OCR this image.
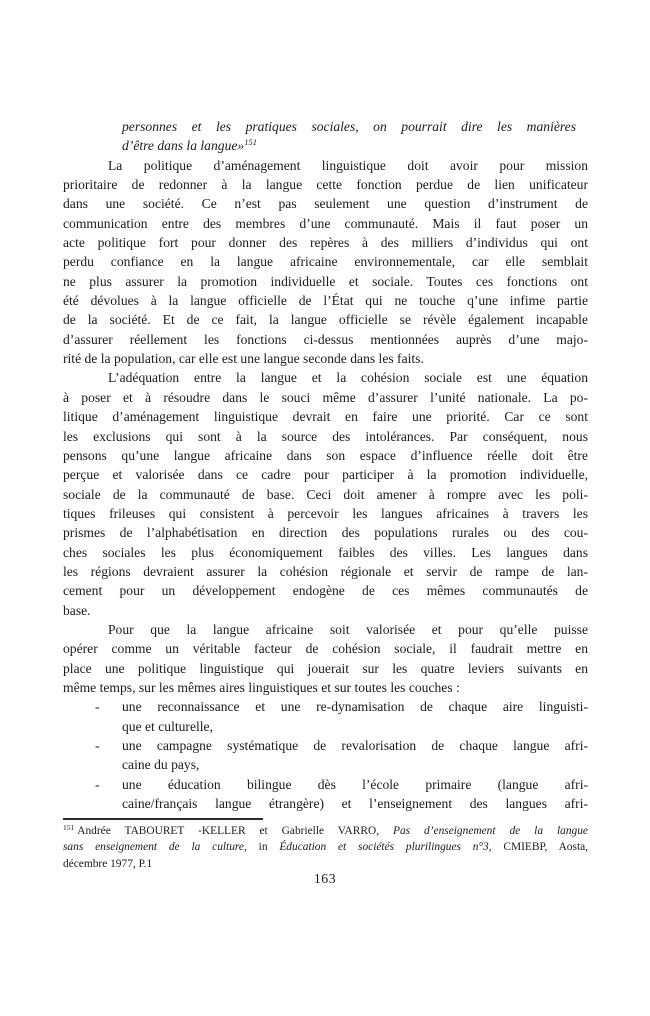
personnes et les pratiques sociales, on pourrait dire les manières
d’être dans la langue»$^{151}$
La politique d’aménagement linguistique doit avoir pour mission
prioritaire de redonner à la langue cette fonction perdue de lien unificateur
dans une société. Ce n’est pas seulement une question d’instrument de
communication entre des membres d’une communauté. Mais il faut poser un
acte politique fort pour donner des repères à des milliers d’individus qui ont
perdu confiance en la langue africaine environnementale, car elle semblait
ne plus assurer la promotion individuelle et sociale. Toutes ces fonctions ont
été dévolues à la langue officielle de l’État qui ne touche q’une infime partie
de la société. Et de ce fait, la langue officielle se révèle également incapable
d’assurer réellement les fonctions ci-dessus mentionnées auprès d’une majo-
rité de la population, car elle est une langue seconde dans les faits.
L’adéquation entre la langue et la cohésion sociale est une équation
à poser et à résoudre dans le souci même d’assurer l’unité nationale. La po-
litique d’aménagement linguistique devrait en faire une priorité. Car ce sont
les exclusions qui sont à la source des intolérances. Par conséquent, nous
pensons qu’une langue africaine dans son espace d’influence réelle doit être
perçue et valorisée dans ce cadre pour participer à la promotion individuelle,
sociale de la communauté de base. Ceci doit amener à rompre avec les poli-
tiques frileuses qui consistent à percevoir les langues africaines à travers les
prismes de l’alphabétisation en direction des populations rurales ou des cou-
ches sociales les plus économiquement faibles des villes. Les langues dans
les régions devraient assurer la cohésion régionale et servir de rampe de lan-
cement pour un développement endogène de ces mêmes communautés de
base.
Pour que la langue africaine soit valorisée et pour qu’elle puisse
opérer comme un véritable facteur de cohésion sociale, il faudrait mettre en
place une politique linguistique qui jouerait sur les quatre leviers suivants en
même temps, sur les mêmes aires linguistiques et sur toutes les couches :
- une reconnaissance et une re-dynamisation de chaque aire linguisti-
que et culturelle,
- une campagne systématique de revalorisation de chaque langue afri-
caine du pays,
- une éducation bilingue dès l’école primaire (langue afri-
caine/français langue étrangère) et l’enseignement des langues afri-
$^{151}$ Andrée TABOURET -KELLER et Gabrielle VARRO, Pas d’enseignement de la langue
sans enseignement de la culture, in Éducation et sociétés plurilingues n°3, CMIEBP, Aosta,
décembre 1977, P.1
163
